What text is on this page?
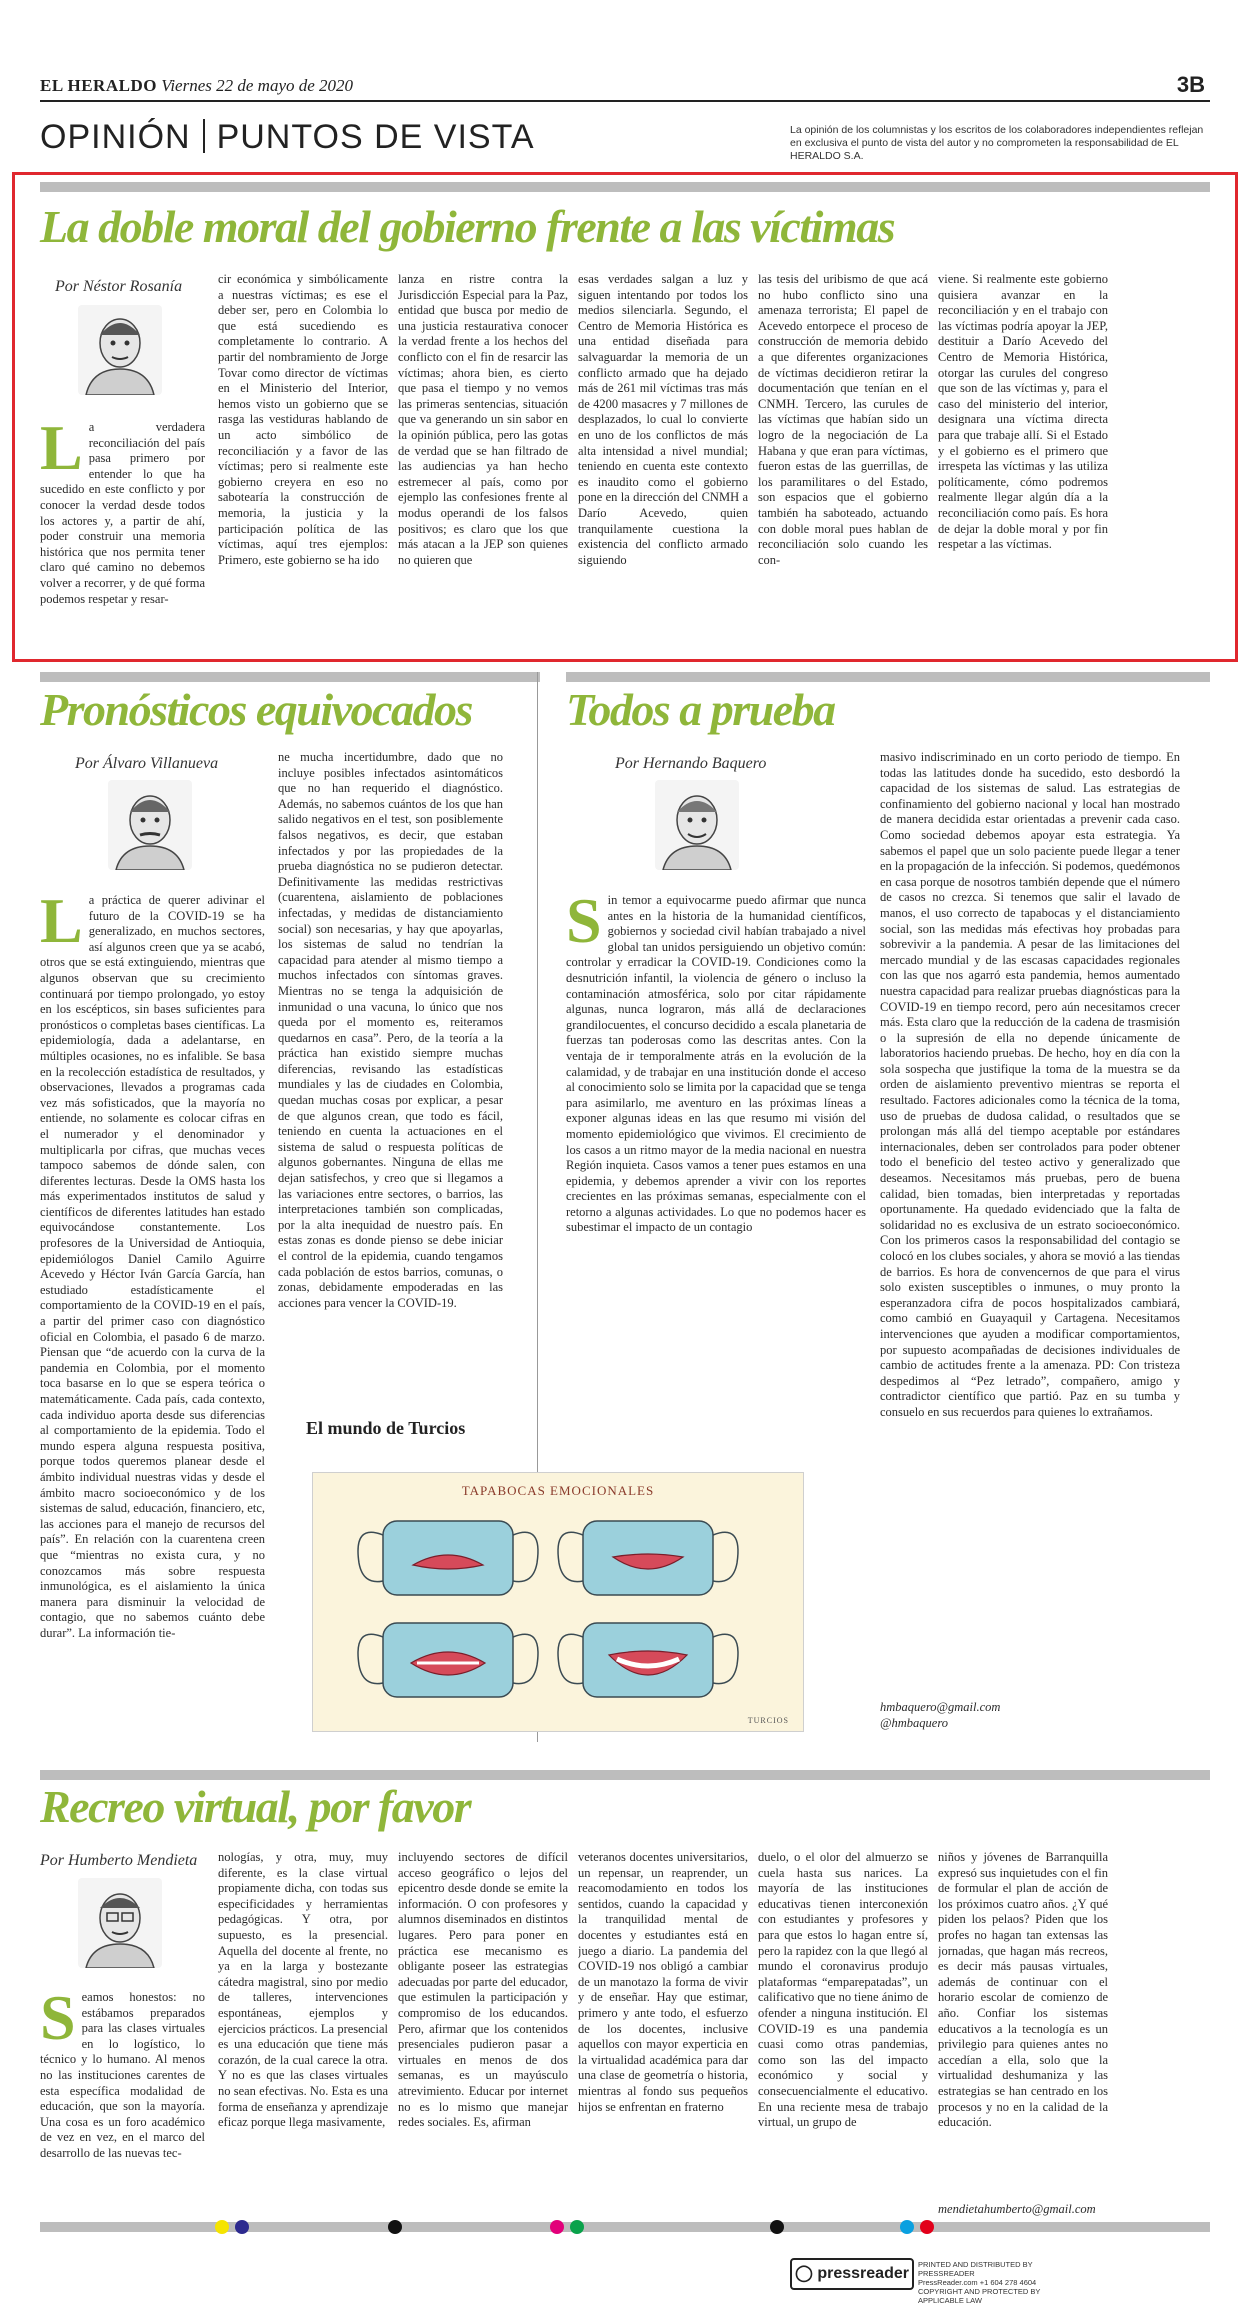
EL HERALDO Viernes 22 de mayo de 2020	3B
OPINIÓN PUNTOS DE VISTA	La opinión de los columnistas y los escritos de los colaboradores independientes reflejan en exclusiva el punto de vista del autor y no comprometen la responsabilidad de EL HERALDO S.A.
La doble moral del gobierno frente a las víctimas
Por Néstor Rosanía
La verdadera reconciliación del país pasa primero por entender lo que ha sucedido en este conflicto y por conocer la verdad desde todos los actores y, a partir de ahí, poder construir una memoria histórica que nos permita tener claro qué camino no debemos volver a recorrer, y de qué forma podemos respetar y resar-
cir económica y simbólicamente a nuestras víctimas; es ese el deber ser, pero en Colombia lo que está sucediendo es completamente lo contrario. A partir del nombramiento de Jorge Tovar como director de víctimas en el Ministerio del Interior, hemos visto un gobierno que se rasga las vestiduras hablando de un acto simbólico de reconciliación y a favor de las víctimas; pero si realmente este gobierno creyera en eso no sabotearía la construcción de memoria, la justicia y la participación política de las víctimas, aquí tres ejemplos: Primero, este gobierno se ha ido
lanza en ristre contra la Jurisdicción Especial para la Paz, entidad que busca por medio de una justicia restaurativa conocer la verdad frente a los hechos del conflicto con el fin de resarcir las víctimas; ahora bien, es cierto que pasa el tiempo y no vemos las primeras sentencias, situación que va generando un sin sabor en la opinión pública, pero las gotas de verdad que se han filtrado de las audiencias ya han hecho estremecer al país, como por ejemplo las confesiones frente al modus operandi de los falsos positivos; es claro que los que más atacan a la JEP son quienes no quieren que
esas verdades salgan a luz y siguen intentando por todos los medios silenciarla. Segundo, el Centro de Memoria Histórica es una entidad diseñada para salvaguardar la memoria de un conflicto armado que ha dejado más de 261 mil víctimas tras más de 4200 masacres y 7 millones de desplazados, lo cual lo convierte en uno de los conflictos de más alta intensidad a nivel mundial; teniendo en cuenta este contexto es inaudito como el gobierno pone en la dirección del CNMH a Darío Acevedo, quien tranquilamente cuestiona la existencia del conflicto armado siguiendo
las tesis del uribismo de que acá no hubo conflicto sino una amenaza terrorista; El papel de Acevedo entorpece el proceso de construcción de memoria debido a que diferentes organizaciones de víctimas decidieron retirar la documentación que tenían en el CNMH. Tercero, las curules de las víctimas que habían sido un logro de la negociación de La Habana y que eran para víctimas, fueron estas de las guerrillas, de los paramilitares o del Estado, son espacios que el gobierno también ha saboteado, actuando con doble moral pues hablan de reconciliación solo cuando les con-
viene. Si realmente este gobierno quisiera avanzar en la reconciliación y en el trabajo con las víctimas podría apoyar la JEP, destituir a Darío Acevedo del Centro de Memoria Histórica, otorgar las curules del congreso que son de las víctimas y, para el caso del ministerio del interior, designara una víctima directa para que trabaje allí. Si el Estado y el gobierno es el primero que irrespeta las víctimas y las utiliza políticamente, cómo podremos realmente llegar algún día a la reconciliación como país. Es hora de dejar la doble moral y por fin respetar a las víctimas.
Pronósticos equivocados
Por Álvaro Villanueva
La práctica de querer adivinar el futuro de la COVID-19 se ha generalizado, en muchos sectores, así algunos creen que ya se acabó, otros que se está extinguiendo, mientras que algunos observan que su crecimiento continuará por tiempo prolongado, yo estoy en los escépticos, sin bases suficientes para pronósticos o completas bases científicas. La epidemiología, dada a adelantarse, en múltiples ocasiones, no es infalible. Se basa en la recolección estadística de resultados, y observaciones, llevados a programas cada vez más sofisticados, que la mayoría no entiende, no solamente es colocar cifras en el numerador y el denominador y multiplicarla por cifras, que muchas veces tampoco sabemos de dónde salen, con diferentes lecturas. Desde la OMS hasta los más experimentados institutos de salud y científicos de diferentes latitudes han estado equivocándose constantemente. Los profesores de la Universidad de Antioquia, epidemiólogos Daniel Camilo Aguirre Acevedo y Héctor Iván García García, han estudiado estadísticamente el comportamiento de la COVID-19 en el país, a partir del primer caso con diagnóstico oficial en Colombia, el pasado 6 de marzo. Piensan que “de acuerdo con la curva de la pandemia en Colombia, por el momento toca basarse en lo que se espera teórica o matemáticamente. Cada país, cada contexto, cada individuo aporta desde sus diferencias al comportamiento de la epidemia. Todo el mundo espera alguna respuesta positiva, porque todos queremos planear desde el ámbito individual nuestras vidas y desde el ámbito macro socioeconómico y de los sistemas de salud, educación, financiero, etc, las acciones para el manejo de recursos del país”. En relación con la cuarentena creen que “mientras no exista cura, y no conozcamos más sobre respuesta inmunológica, es el aislamiento la única manera para disminuir la velocidad de contagio, que no sabemos cuánto debe durar”. La información tie-
ne mucha incertidumbre, dado que no incluye posibles infectados asintomáticos que no han requerido el diagnóstico. Además, no sabemos cuántos de los que han salido negativos en el test, son posiblemente falsos negativos, es decir, que estaban infectados y por las propiedades de la prueba diagnóstica no se pudieron detectar. Definitivamente las medidas restrictivas (cuarentena, aislamiento de poblaciones infectadas, y medidas de distanciamiento social) son necesarias, y hay que apoyarlas, los sistemas de salud no tendrían la capacidad para atender al mismo tiempo a muchos infectados con síntomas graves. Mientras no se tenga la adquisición de inmunidad o una vacuna, lo único que nos queda por el momento es, reiteramos quedarnos en casa”. Pero, de la teoría a la práctica han existido siempre muchas diferencias, revisando las estadísticas mundiales y las de ciudades en Colombia, quedan muchas cosas por explicar, a pesar de que algunos crean, que todo es fácil, teniendo en cuenta la actuaciones en el sistema de salud o respuesta políticas de algunos gobernantes. Ninguna de ellas me dejan satisfechos, y creo que si llegamos a las variaciones entre sectores, o barrios, las interpretaciones también son complicadas, por la alta inequidad de nuestro país. En estas zonas es donde pienso se debe iniciar el control de la epidemia, cuando tengamos cada población de estos barrios, comunas, o zonas, debidamente empoderadas en las acciones para vencer la COVID-19.
El mundo de Turcios
TAPABOCAS EMOCIONALES
TURCIOS
Todos a prueba
Por Hernando Baquero
Sin temor a equivocarme puedo afirmar que nunca antes en la historia de la humanidad científicos, gobiernos y sociedad civil habían trabajado a nivel global tan unidos persiguiendo un objetivo común: controlar y erradicar la COVID-19. Condiciones como la desnutrición infantil, la violencia de género o incluso la contaminación atmosférica, solo por citar rápidamente algunas, nunca lograron, más allá de declaraciones grandilocuentes, el concurso decidido a escala planetaria de fuerzas tan poderosas como las descritas antes. Con la ventaja de ir temporalmente atrás en la evolución de la calamidad, y de trabajar en una institución donde el acceso al conocimiento solo se limita por la capacidad que se tenga para asimilarlo, me aventuro en las próximas líneas a exponer algunas ideas en las que resumo mi visión del momento epidemiológico que vivimos. El crecimiento de los casos a un ritmo mayor de la media nacional en nuestra Región inquieta. Casos vamos a tener pues estamos en una epidemia, y debemos aprender a vivir con los reportes crecientes en las próximas semanas, especialmente con el retorno a algunas actividades. Lo que no podemos hacer es subestimar el impacto de un contagio
masivo indiscriminado en un corto periodo de tiempo. En todas las latitudes donde ha sucedido, esto desbordó la capacidad de los sistemas de salud. Las estrategias de confinamiento del gobierno nacional y local han mostrado de manera decidida estar orientadas a prevenir cada caso. Como sociedad debemos apoyar esta estrategia. Ya sabemos el papel que un solo paciente puede llegar a tener en la propagación de la infección. Si podemos, quedémonos en casa porque de nosotros también depende que el número de casos no crezca. Si tenemos que salir el lavado de manos, el uso correcto de tapabocas y el distanciamiento social, son las medidas más efectivas hoy probadas para sobrevivir a la pandemia. A pesar de las limitaciones del mercado mundial y de las escasas capacidades regionales con las que nos agarró esta pandemia, hemos aumentado nuestra capacidad para realizar pruebas diagnósticas para la COVID-19 en tiempo record, pero aún necesitamos crecer más. Esta claro que la reducción de la cadena de trasmisión o la supresión de ella no depende únicamente de laboratorios haciendo pruebas. De hecho, hoy en día con la sola sospecha que justifique la toma de la muestra se da orden de aislamiento preventivo mientras se reporta el resultado. Factores adicionales como la técnica de la toma, uso de pruebas de dudosa calidad, o resultados que se prolongan más allá del tiempo aceptable por estándares internacionales, deben ser controlados para poder obtener todo el beneficio del testeo activo y generalizado que deseamos. Necesitamos más pruebas, pero de buena calidad, bien tomadas, bien interpretadas y reportadas oportunamente. Ha quedado evidenciado que la falta de solidaridad no es exclusiva de un estrato socioeconómico. Con los primeros casos la responsabilidad del contagio se colocó en los clubes sociales, y ahora se movió a las tiendas de barrios. Es hora de convencernos de que para el virus solo existen susceptibles o inmunes, o muy pronto la esperanzadora cifra de pocos hospitalizados cambiará, como cambió en Guayaquil y Cartagena. Necesitamos intervenciones que ayuden a modificar comportamientos, por supuesto acompañadas de decisiones individuales de cambio de actitudes frente a la amenaza. PD: Con tristeza despedimos al “Pez letrado”, compañero, amigo y contradictor científico que partió. Paz en su tumba y consuelo en sus recuerdos para quienes lo extrañamos.
hmbaquero@gmail.com
@hmbaquero
Recreo virtual, por favor
Por Humberto Mendieta
Seamos honestos: no estábamos preparados para las clases virtuales en lo logístico, lo técnico y lo humano. Al menos no las instituciones carentes de esta específica modalidad de educación, que son la mayoría. Una cosa es un foro académico de vez en vez, en el marco del desarrollo de las nuevas tec-
nologías, y otra, muy, muy diferente, es la clase virtual propiamente dicha, con todas sus especificidades y herramientas pedagógicas. Y otra, por supuesto, es la presencial. Aquella del docente al frente, no ya en la larga y bostezante cátedra magistral, sino por medio de talleres, intervenciones espontáneas, ejemplos y ejercicios prácticos. La presencial es una educación que tiene más corazón, de la cual carece la otra. Y no es que las clases virtuales no sean efectivas. No. Esta es una forma de enseñanza y aprendizaje eficaz porque llega masivamente,
incluyendo sectores de difícil acceso geográfico o lejos del epicentro desde donde se emite la información. O con profesores y alumnos diseminados en distintos lugares. Pero para poner en práctica ese mecanismo es obligante poseer las estrategias adecuadas por parte del educador, que estimulen la participación y compromiso de los educandos. Pero, afirmar que los contenidos presenciales pudieron pasar a virtuales en menos de dos semanas, es un mayúsculo atrevimiento. Educar por internet no es lo mismo que manejar redes sociales. Es, afirman
veteranos docentes universitarios, un repensar, un reaprender, un reacomodamiento en todos los sentidos, cuando la capacidad y la tranquilidad mental de docentes y estudiantes está en juego a diario. La pandemia del COVID-19 nos obligó a cambiar de un manotazo la forma de vivir y de enseñar. Hay que estimar, primero y ante todo, el esfuerzo de los docentes, inclusive aquellos con mayor experticia en la virtualidad académica para dar una clase de geometría o historia, mientras al fondo sus pequeños hijos se enfrentan en fraterno
duelo, o el olor del almuerzo se cuela hasta sus narices. La mayoría de las instituciones educativas tienen interconexión con estudiantes y profesores y para que estos lo hagan entre sí, pero la rapidez con la que llegó al mundo el coronavirus produjo plataformas “emparepatadas”, un calificativo que no tiene ánimo de ofender a ninguna institución. El COVID-19 es una pandemia cuasi como otras pandemias, como son las del impacto económico y social y consecuencialmente el educativo. En una reciente mesa de trabajo virtual, un grupo de
niños y jóvenes de Barranquilla expresó sus inquietudes con el fin de formular el plan de acción de los próximos cuatro años. ¿Y qué piden los pelaos? Piden que los profes no hagan tan extensas las jornadas, que hagan más recreos, es decir más pausas virtuales, además de continuar con el horario escolar de comienzo de año. Confiar los sistemas educativos a la tecnología es un privilegio para quienes antes no accedían a ella, solo que la virtualidad deshumaniza y las estrategias se han centrado en los procesos y no en la calidad de la educación.
mendietahumberto@gmail.com
◯ pressreader
PRINTED AND DISTRIBUTED BY PRESSREADER
PressReader.com +1 604 278 4604
COPYRIGHT AND PROTECTED BY APPLICABLE LAW
